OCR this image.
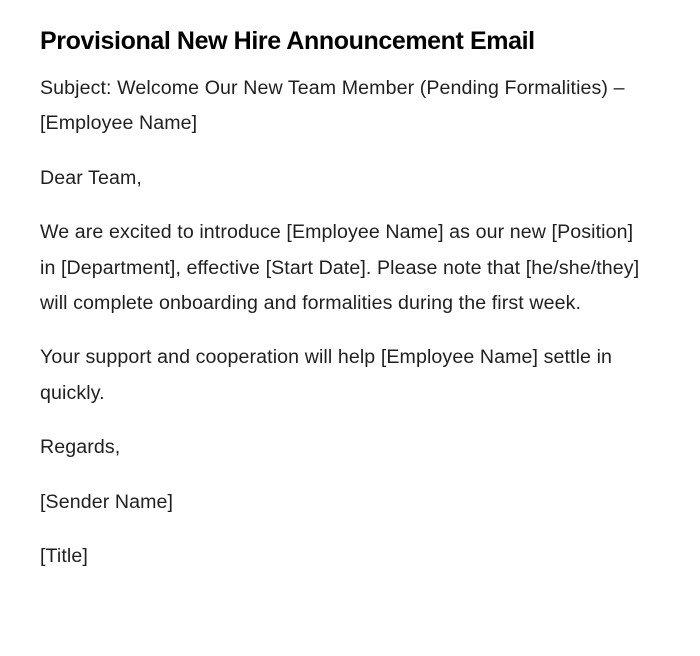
Provisional New Hire Announcement Email

Subject: Welcome Our New Team Member (Pending Formalities) – [Employee Name]

Dear Team,

We are excited to introduce [Employee Name] as our new [Position] in [Department], effective [Start Date]. Please note that [he/she/they] will complete onboarding and formalities during the first week.

Your support and cooperation will help [Employee Name] settle in quickly.

Regards,

[Sender Name]

[Title]
